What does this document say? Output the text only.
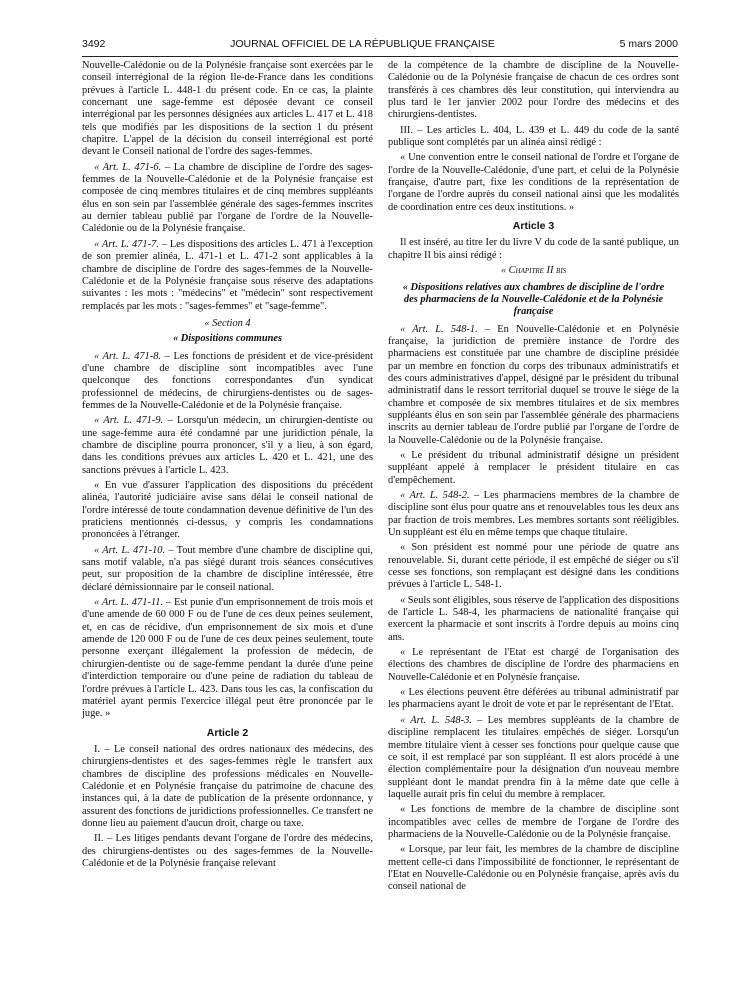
3492	JOURNAL OFFICIEL DE LA RÉPUBLIQUE FRANÇAISE	5 mars 2000

Nouvelle-Calédonie ou de la Polynésie française sont exercées par le conseil interrégional de la région Ile-de-France dans les conditions prévues à l'article L. 448-1 du présent code. En ce cas, la plainte concernant une sage-femme est déposée devant ce conseil interrégional par les personnes désignées aux articles L. 417 et L. 418 tels que modifiés par les dispositions de la section 1 du présent chapitre. L'appel de la décision du conseil interrégional est porté devant le Conseil national de l'ordre des sages-femmes.

« Art. L. 471-6. – La chambre de discipline de l'ordre des sages-femmes de la Nouvelle-Calédonie et de la Polynésie française est composée de cinq membres titulaires et de cinq membres suppléants élus en son sein par l'assemblée générale des sages-femmes inscrites au dernier tableau publié par l'organe de l'ordre de la Nouvelle-Calédonie ou de la Polynésie française.

« Art. L. 471-7. – Les dispositions des articles L. 471 à l'exception de son premier alinéa, L. 471-1 et L. 471-2 sont applicables à la chambre de discipline de l'ordre des sages-femmes de la Nouvelle-Calédonie et de la Polynésie française sous réserve des adaptations suivantes : les mots : "médecins" et "médecin" sont respectivement remplacés par les mots : "sages-femmes" et "sage-femme".

« Section 4
« Dispositions communes

« Art. L. 471-8. – Les fonctions de président et de vice-président d'une chambre de discipline sont incompatibles avec l'une quelconque des fonctions correspondantes d'un syndicat professionnel de médecins, de chirurgiens-dentistes ou de sages-femmes de la Nouvelle-Calédonie et de la Polynésie française.

« Art. L. 471-9. – Lorsqu'un médecin, un chirurgien-dentiste ou une sage-femme aura été condamné par une juridiction pénale, la chambre de discipline pourra prononcer, s'il y a lieu, à son égard, dans les conditions prévues aux articles L. 420 et L. 421, une des sanctions prévues à l'article L. 423.

« En vue d'assurer l'application des dispositions du précédent alinéa, l'autorité judiciaire avise sans délai le conseil national de l'ordre intéressé de toute condamnation devenue définitive de l'un des praticiens mentionnés ci-dessus, y compris les condamnations prononcées à l'étranger.

« Art. L. 471-10. – Tout membre d'une chambre de discipline qui, sans motif valable, n'a pas siégé durant trois séances consécutives peut, sur proposition de la chambre de discipline intéressée, être déclaré démissionnaire par le conseil national.

« Art. L. 471-11. – Est punie d'un emprisonnement de trois mois et d'une amende de 60 000 F ou de l'une de ces deux peines seulement, et, en cas de récidive, d'un emprisonnement de six mois et d'une amende de 120 000 F ou de l'une de ces deux peines seulement, toute personne exerçant illégalement la profession de médecin, de chirurgien-dentiste ou de sage-femme pendant la durée d'une peine d'interdiction temporaire ou d'une peine de radiation du tableau de l'ordre prévues à l'article L. 423. Dans tous les cas, la confiscation du matériel ayant permis l'exercice illégal peut être prononcée par le juge. »

Article 2

I. – Le conseil national des ordres nationaux des médecins, des chirurgiens-dentistes et des sages-femmes règle le transfert aux chambres de discipline des professions médicales en Nouvelle-Calédonie et en Polynésie française du patrimoine de chacune des instances qui, à la date de publication de la présente ordonnance, y assurent des fonctions de juridictions professionnelles. Ce transfert ne donne lieu au paiement d'aucun droit, charge ou taxe.

II. – Les litiges pendants devant l'organe de l'ordre des médecins, des chirurgiens-dentistes ou des sages-femmes de la Nouvelle-Calédonie et de la Polynésie française relevant

de la compétence de la chambre de discipline de la Nouvelle-Calédonie ou de la Polynésie française de chacun de ces ordres sont transférés à ces chambres dès leur constitution, qui interviendra au plus tard le 1er janvier 2002 pour l'ordre des médecins et des chirurgiens-dentistes.

III. – Les articles L. 404, L. 439 et L. 449 du code de la santé publique sont complétés par un alinéa ainsi rédigé :

« Une convention entre le conseil national de l'ordre et l'organe de l'ordre de la Nouvelle-Calédonie, d'une part, et celui de la Polynésie française, d'autre part, fixe les conditions de la représentation de l'organe de l'ordre auprès du conseil national ainsi que les modalités de coordination entre ces deux institutions. »

Article 3

Il est inséré, au titre Ier du livre V du code de la santé publique, un chapitre II bis ainsi rédigé :

« Chapitre II bis
« Dispositions relatives aux chambres de discipline de l'ordre des pharmaciens de la Nouvelle-Calédonie et de la Polynésie française

« Art. L. 548-1. – En Nouvelle-Calédonie et en Polynésie française, la juridiction de première instance de l'ordre des pharmaciens est constituée par une chambre de discipline présidée par un membre en fonction du corps des tribunaux administratifs et des cours administratives d'appel, désigné par le président du tribunal administratif dans le ressort territorial duquel se trouve le siège de la chambre et composée de six membres titulaires et de six membres suppléants élus en son sein par l'assemblée générale des pharmaciens inscrits au dernier tableau de l'ordre publié par l'organe de l'ordre de la Nouvelle-Calédonie ou de la Polynésie française.

« Le président du tribunal administratif désigne un président suppléant appelé à remplacer le président titulaire en cas d'empêchement.

« Art. L. 548-2. – Les pharmaciens membres de la chambre de discipline sont élus pour quatre ans et renouvelables tous les deux ans par fraction de trois membres. Les membres sortants sont rééligibles. Un suppléant est élu en même temps que chaque titulaire.

« Son président est nommé pour une période de quatre ans renouvelable. Si, durant cette période, il est empêché de siéger ou s'il cesse ses fonctions, son remplaçant est désigné dans les conditions prévues à l'article L. 548-1.

« Seuls sont éligibles, sous réserve de l'application des dispositions de l'article L. 548-4, les pharmaciens de nationalité française qui exercent la pharmacie et sont inscrits à l'ordre depuis au moins cinq ans.

« Le représentant de l'Etat est chargé de l'organisation des élections des chambres de discipline de l'ordre des pharmaciens en Nouvelle-Calédonie et en Polynésie française.

« Les élections peuvent être déférées au tribunal administratif par les pharmaciens ayant le droit de vote et par le représentant de l'Etat.

« Art. L. 548-3. – Les membres suppléants de la chambre de discipline remplacent les titulaires empêchés de siéger. Lorsqu'un membre titulaire vient à cesser ses fonctions pour quelque cause que ce soit, il est remplacé par son suppléant. Il est alors procédé à une élection complémentaire pour la désignation d'un nouveau membre suppléant dont le mandat prendra fin à la même date que celle à laquelle aurait pris fin celui du membre à remplacer.

« Les fonctions de membre de la chambre de discipline sont incompatibles avec celles de membre de l'organe de l'ordre des pharmaciens de la Nouvelle-Calédonie ou de la Polynésie française.

« Lorsque, par leur fait, les membres de la chambre de discipline mettent celle-ci dans l'impossibilité de fonctionner, le représentant de l'Etat en Nouvelle-Calédonie ou en Polynésie française, après avis du conseil national de
